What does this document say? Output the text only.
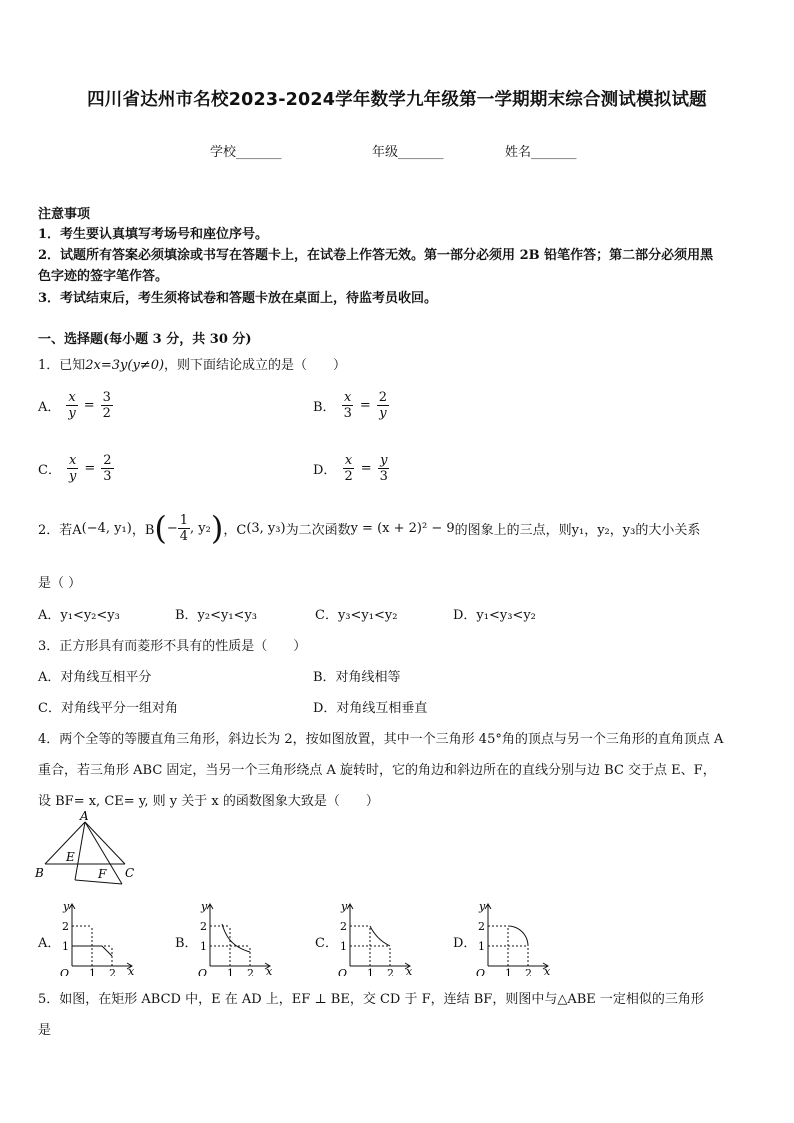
四川省达州市名校2023-2024学年数学九年级第一学期期末综合测试模拟试题
学校_______	年级_______	姓名_______
注意事项
1．考生要认真填写考场号和座位序号。
2．试题所有答案必须填涂或书写在答题卡上，在试卷上作答无效。第一部分必须用 2B 铅笔作答；第二部分必须用黑
色字迹的签字笔作答。
3．考试结束后，考生须将试卷和答题卡放在桌面上，待监考员收回。
一、选择题(每小题 3 分，共 30 分)
1．已知2x=3y(y≠0)，则下面结论成立的是（　　）
A． $\frac{x}{y} = \frac{3}{2}$	B． $\frac{x}{3} = \frac{2}{y}$
C． $\frac{x}{y} = \frac{2}{3}$	D． $\frac{x}{2} = \frac{y}{3}$
2．若A (−4, y₁) ，B ( − $\frac{1}{4}$ , y₂ ) ，C (3, y₃) 为二次函数 y = (x + 2)² − 9 的图象上的三点，则 y₁，y₂，y₃ 的大小关系
是（ ）
A．y₁<y₂<y₃	B．y₂<y₁<y₃	C．y₃<y₁<y₂	D．y₁<y₃<y₂
3．正方形具有而菱形不具有的性质是（　　）
A．对角线互相平分	B．对角线相等
C．对角线平分一组对角	D．对角线互相垂直
4．两个全等的等腰直角三角形，斜边长为 2，按如图放置，其中一个三角形 45°角的顶点与另一个三角形的直角顶点 A
重合，若三角形 ABC 固定，当另一个三角形绕点 A 旋转时，它的角边和斜边所在的直线分别与边 BC 交于点 E、F，
设 BF= x, CE= y, 则 y 关于 x 的函数图象大致是（　　）
A
B	C
E
F
A．	B．	C．	D．
2
1
1 2
O	x
y
2
1
1 2
O	x
y
2
1
1 2
O	x
y
2
1
1 2
O	x
y
5．如图，在矩形 ABCD 中，E 在 AD 上，EF ⊥ BE，交 CD 于 F，连结 BF，则图中与△ABE 一定相似的三角形
是
